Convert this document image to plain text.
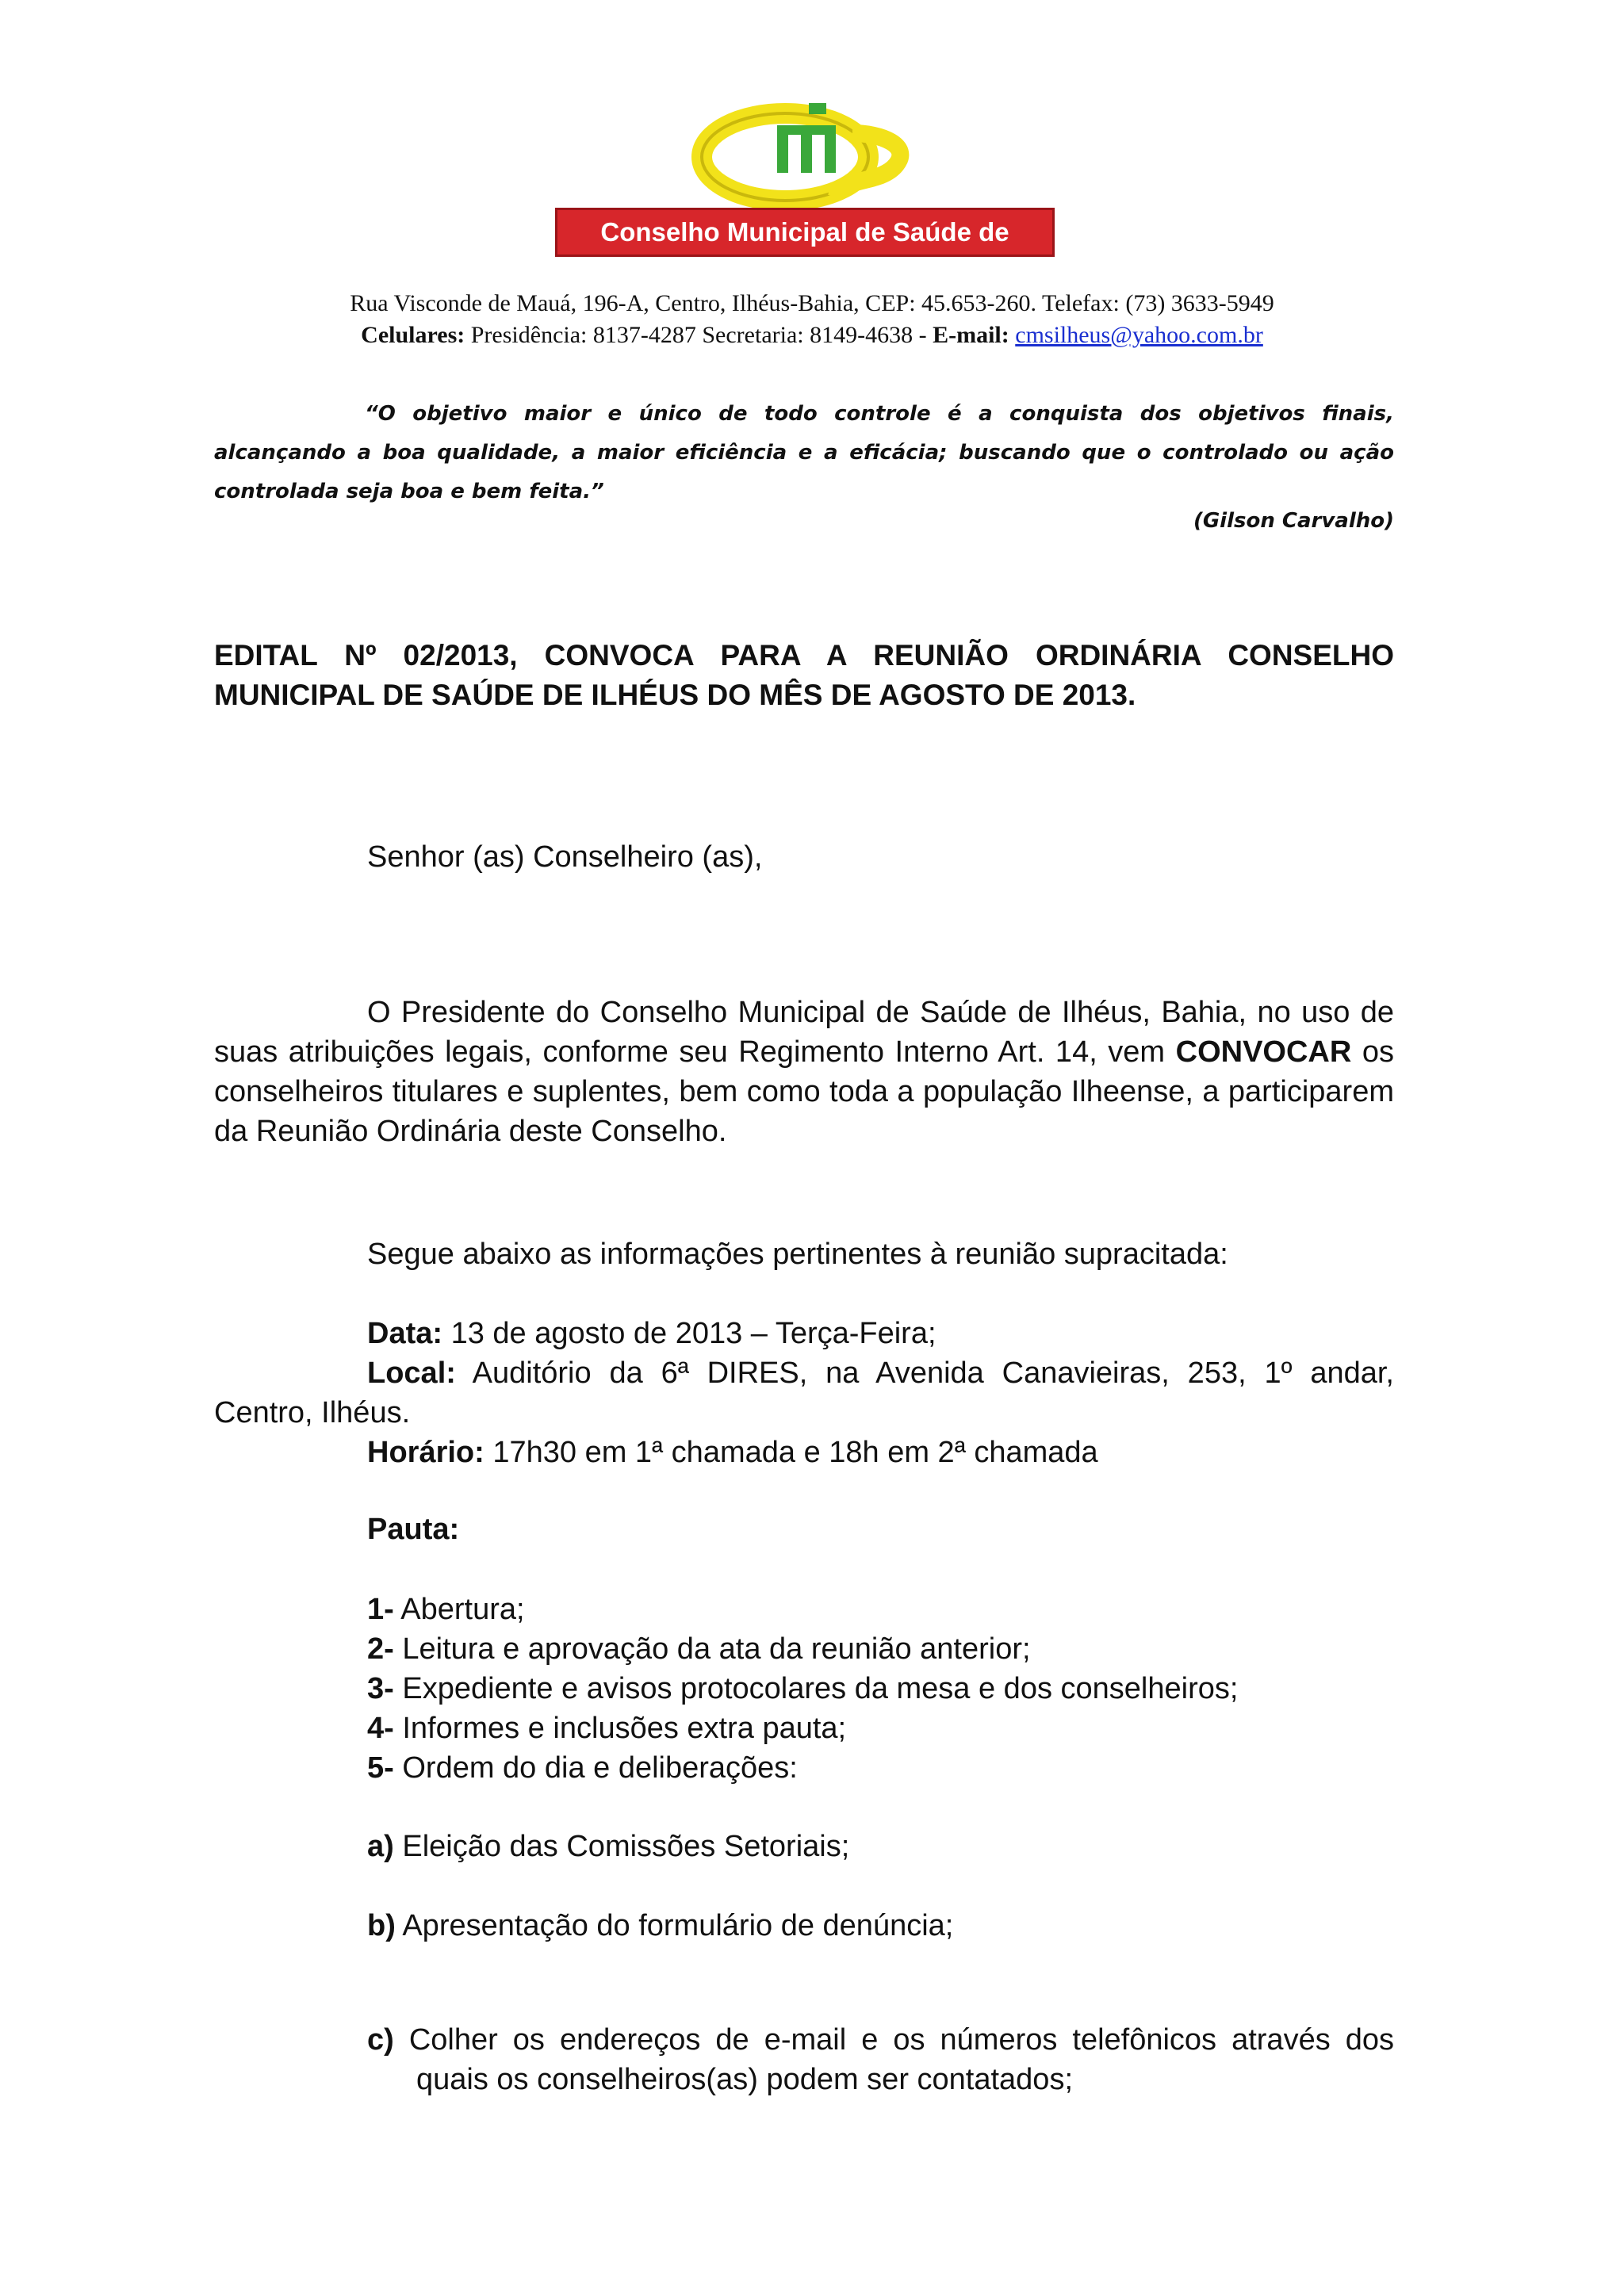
Conselho Municipal de Saúde de Ilhéus-Bahia
Rua Visconde de Mauá, 196-A, Centro, Ilhéus-Bahia, CEP: 45.653-260. Telefax: (73) 3633-5949
Celulares: Presidência: 8137-4287 Secretaria: 8149-4638 - E-mail: cmsilheus@yahoo.com.br
“O objetivo maior e único de todo controle é a conquista dos objetivos finais, alcançando a boa qualidade, a maior eficiência e a eficácia; buscando que o controlado ou ação controlada seja boa e bem feita.”
(Gilson Carvalho)
EDITAL Nº 02/2013, CONVOCA PARA A REUNIÃO ORDINÁRIA CONSELHO MUNICIPAL DE SAÚDE DE ILHÉUS DO MÊS DE AGOSTO DE 2013.
Senhor (as) Conselheiro (as),
O Presidente do Conselho Municipal de Saúde de Ilhéus, Bahia, no uso de suas atribuições legais, conforme seu Regimento Interno Art. 14, vem CONVOCAR os conselheiros titulares e suplentes, bem como toda a população Ilheense, a participarem da Reunião Ordinária deste Conselho.
Segue abaixo as informações pertinentes à reunião supracitada:
Data: 13 de agosto de 2013 – Terça-Feira;
Local: Auditório da 6ª DIRES, na Avenida Canavieiras, 253, 1º andar, Centro, Ilhéus.
Horário: 17h30 em 1ª chamada e 18h em 2ª chamada
Pauta:
1- Abertura;
2- Leitura e aprovação da ata da reunião anterior;
3- Expediente e avisos protocolares da mesa e dos conselheiros;
4- Informes e inclusões extra pauta;
5- Ordem do dia e deliberações:
a) Eleição das Comissões Setoriais;
b) Apresentação do formulário de denúncia;
c) Colher os endereços de e-mail e os números telefônicos através dos
quais os conselheiros(as) podem ser contatados;
